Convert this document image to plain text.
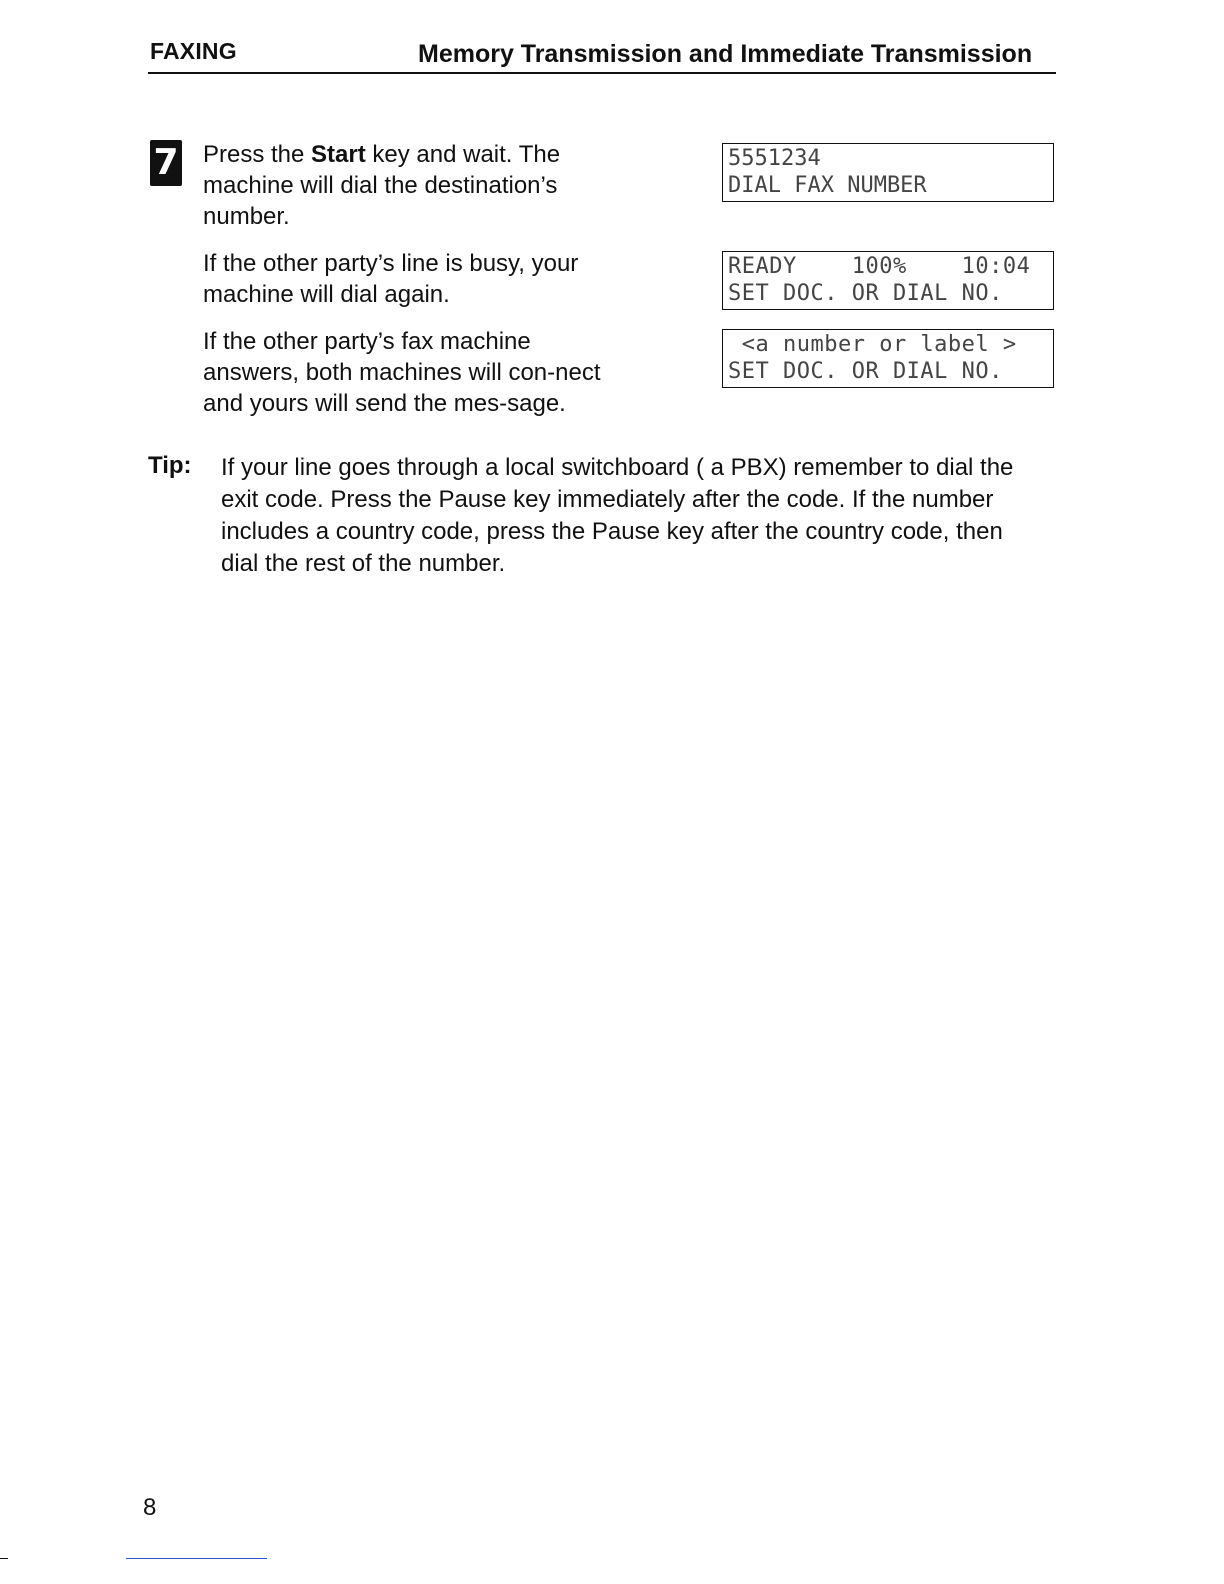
FAXING	Memory Transmission and Immediate Transmission
7 Press the Start key and wait. The machine will dial the destination’s number.
If the other party’s line is busy, your machine will dial again.
If the other party’s fax machine answers, both machines will con-nect and yours will send the mes-sage.
5551234
DIAL FAX NUMBER
READY    100%    10:04
SET DOC. OR DIAL NO.
<a number or label >
SET DOC. OR DIAL NO.
Tip: If your line goes through a local switchboard ( a PBX) remember to dial the exit code. Press the Pause key immediately after the code. If the number includes a country code, press the Pause key after the country code, then dial the rest of the number.
8
